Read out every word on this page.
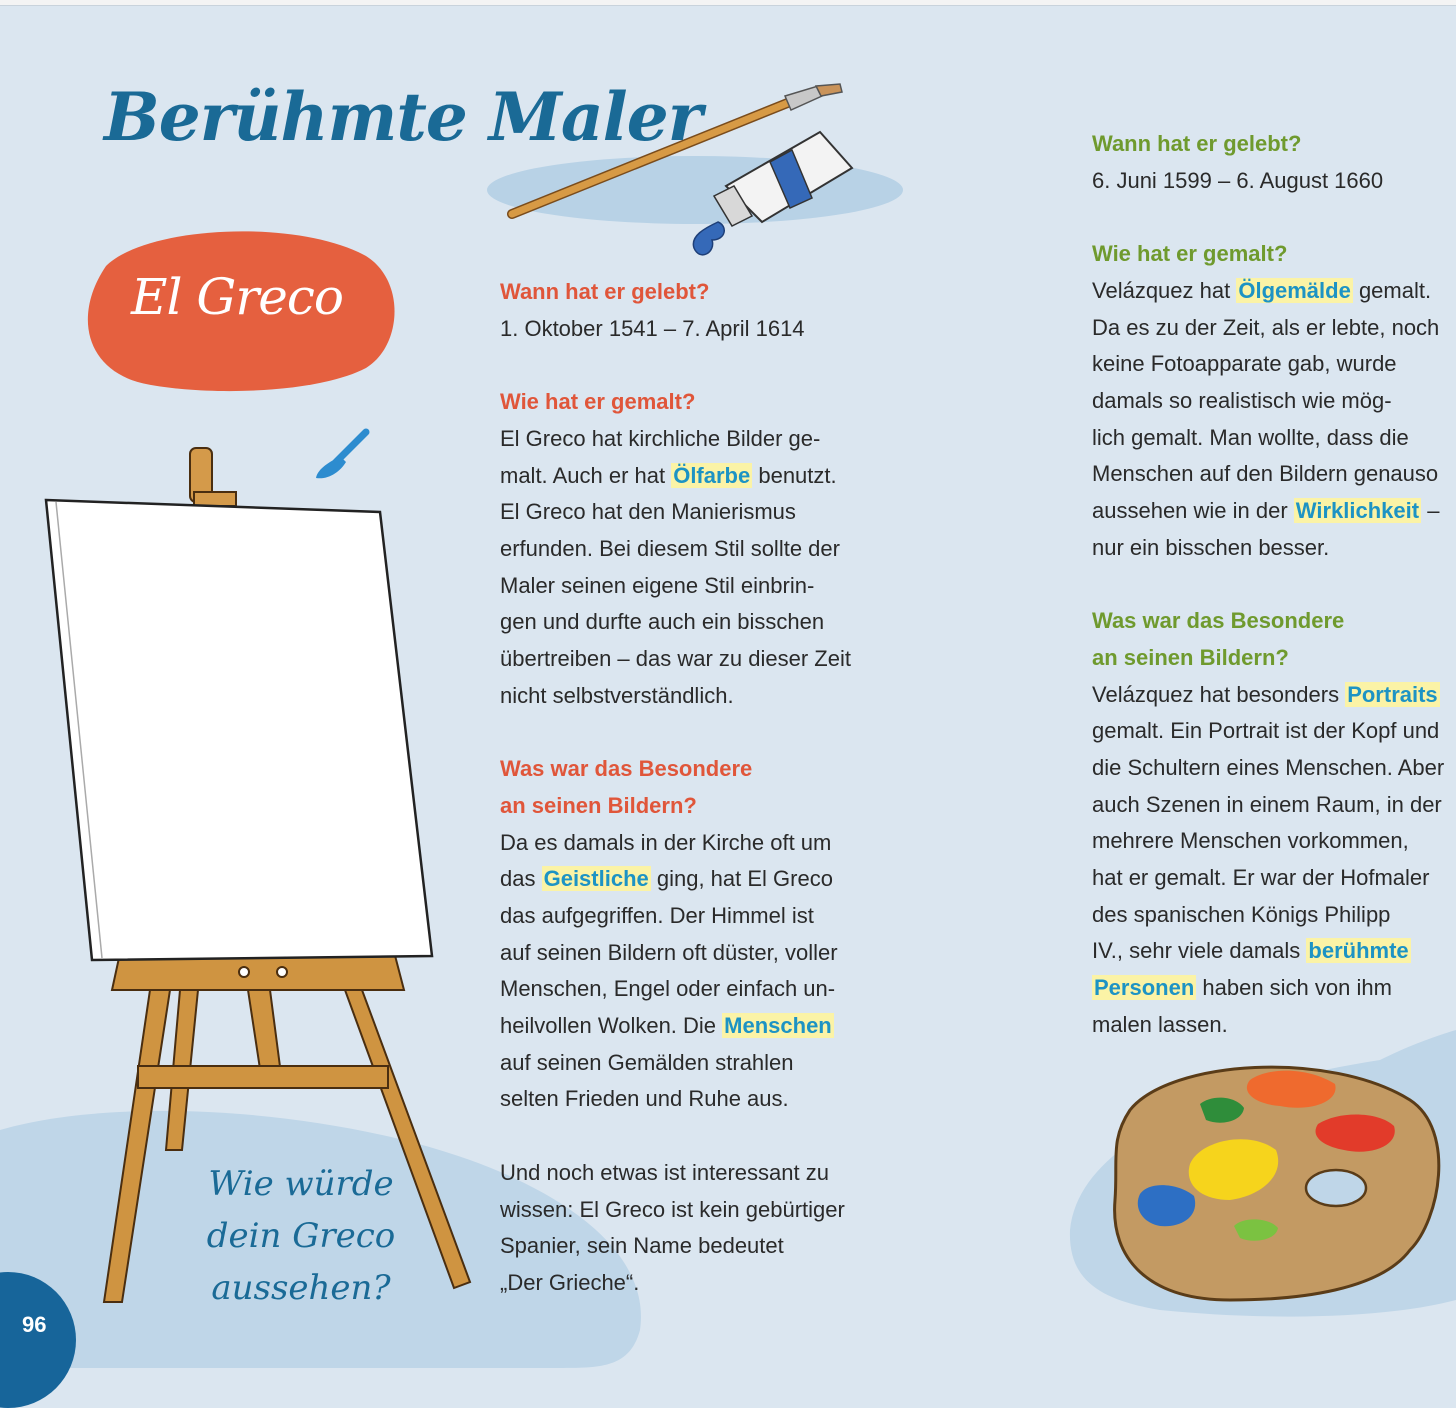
Berühmte Maler
El Greco
Wie würde
dein Greco
aussehen?
96

Wann hat er gelebt?

1. Oktober 1541 – 7. April 1614

Wie hat er gemalt?

El Greco hat kirchliche Bilder ge-

malt. Auch er hat Ölfarbe benutzt.

El Greco hat den Manierismus

erfunden. Bei diesem Stil sollte der

Maler seinen eigene Stil einbrin-

gen und durfte auch ein bisschen

übertreiben – das war zu dieser Zeit

nicht selbstverständlich.

Was war das Besondere

an seinen Bildern?

Da es damals in der Kirche oft um

das Geistliche ging, hat El Greco

das aufgegriffen. Der Himmel ist

auf seinen Bildern oft düster, voller

Menschen, Engel oder einfach un-

heilvollen Wolken. Die Menschen

auf seinen Gemälden strahlen

selten Frieden und Ruhe aus.

Und noch etwas ist interessant zu

wissen: El Greco ist kein gebürtiger

Spanier, sein Name bedeutet

„Der Grieche“.

Wann hat er gelebt?

6. Juni 1599 – 6. August 1660

Wie hat er gemalt?

Velázquez hat Ölgemälde gemalt.

Da es zu der Zeit, als er lebte, noch

keine Fotoapparate gab, wurde

damals so realistisch wie mög-

lich gemalt. Man wollte, dass die

Menschen auf den Bildern genauso

aussehen wie in der Wirklichkeit –

nur ein bisschen besser.

Was war das Besondere

an seinen Bildern?

Velázquez hat besonders Portraits

gemalt. Ein Portrait ist der Kopf und

die Schultern eines Menschen. Aber

auch Szenen in einem Raum, in der

mehrere Menschen vorkommen,

hat er gemalt. Er war der Hofmaler

des spanischen Königs Philipp

IV., sehr viele damals berühmte

Personen haben sich von ihm

malen lassen.
